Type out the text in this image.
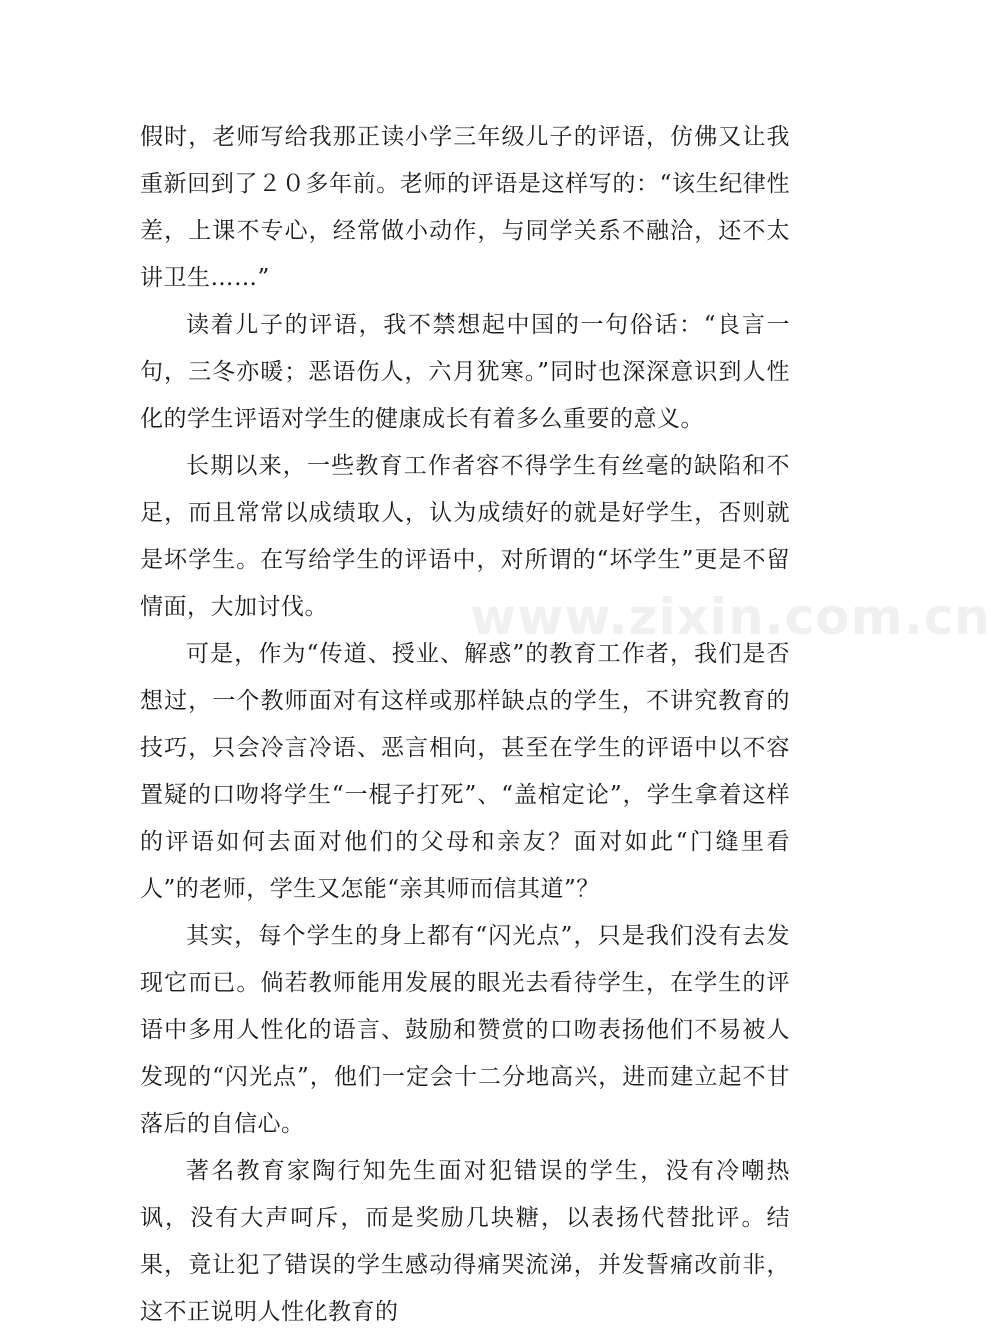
假时，老师写给我那正读小学三年级儿子的评语，仿佛又让我重新回到了２０多年前。老师的评语是这样写的：“该生纪律性差，上课不专心，经常做小动作，与同学关系不融洽，还不太讲卫生……”

读着儿子的评语，我不禁想起中国的一句俗话：“良言一句，三冬亦暖；恶语伤人，六月犹寒。”同时也深深意识到人性化的学生评语对学生的健康成长有着多么重要的意义。

长期以来，一些教育工作者容不得学生有丝毫的缺陷和不足，而且常常以成绩取人，认为成绩好的就是好学生，否则就是坏学生。在写给学生的评语中，对所谓的“坏学生”更是不留情面，大加讨伐。

可是，作为“传道、授业、解惑”的教育工作者，我们是否想过，一个教师面对有这样或那样缺点的学生，不讲究教育的技巧，只会冷言冷语、恶言相向，甚至在学生的评语中以不容置疑的口吻将学生“一棍子打死”、“盖棺定论”，学生拿着这样的评语如何去面对他们的父母和亲友？面对如此“门缝里看人”的老师，学生又怎能“亲其师而信其道”？

其实，每个学生的身上都有“闪光点”，只是我们没有去发现它而已。倘若教师能用发展的眼光去看待学生，在学生的评语中多用人性化的语言、鼓励和赞赏的口吻表扬他们不易被人发现的“闪光点”，他们一定会十二分地高兴，进而建立起不甘落后的自信心。

著名教育家陶行知先生面对犯错误的学生，没有冷嘲热讽，没有大声呵斥，而是奖励几块糖，以表扬代替批评。结果，竟让犯了错误的学生感动得痛哭流涕，并发誓痛改前非，这不正说明人性化教育的

www.zixin.com.cn
